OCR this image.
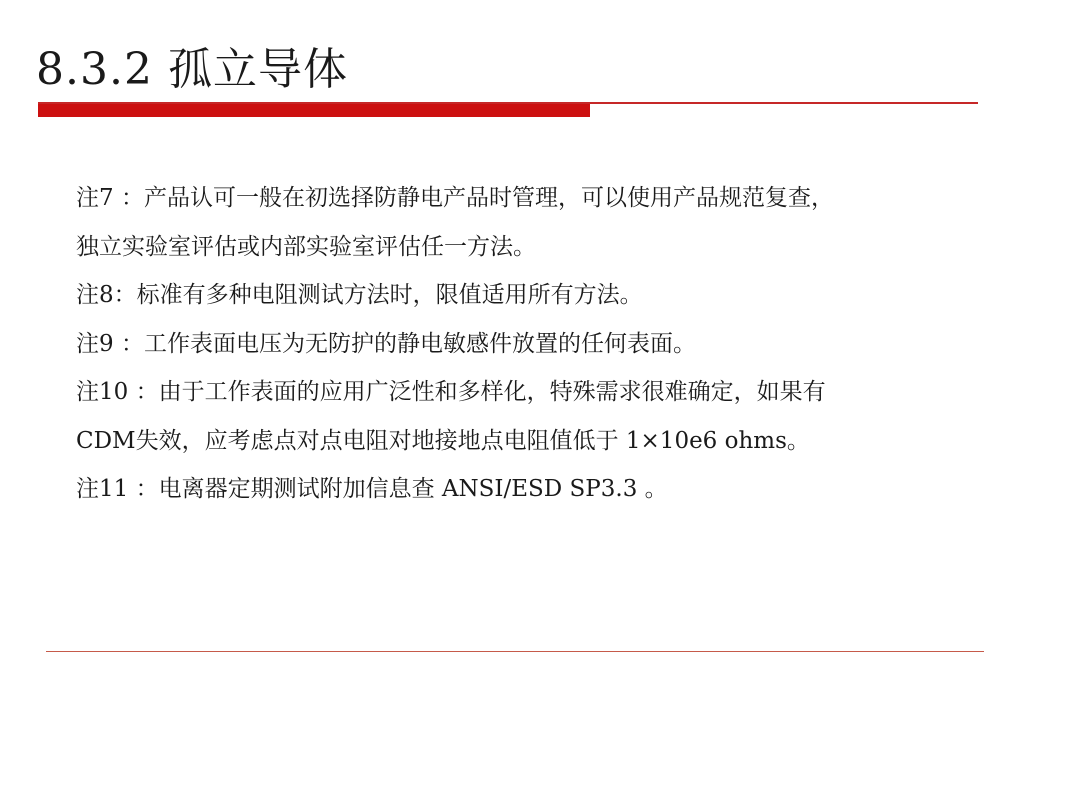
8.3.2 孤立导体
注7 ：产品认可一般在初选择防静电产品时管理，可以使用产品规范复查，
独立实验室评估或内部实验室评估任一方法。
注8：标准有多种电阻测试方法时，限值适用所有方法。
注9 ：工作表面电压为无防护的静电敏感件放置的任何表面。
注10 ：由于工作表面的应用广泛性和多样化，特殊需求很难确定，如果有
CDM失效，应考虑点对点电阻对地接地点电阻值低于 1×10e6 ohms。
注11 ：电离器定期测试附加信息查 ANSI/ESD SP3.3 。
